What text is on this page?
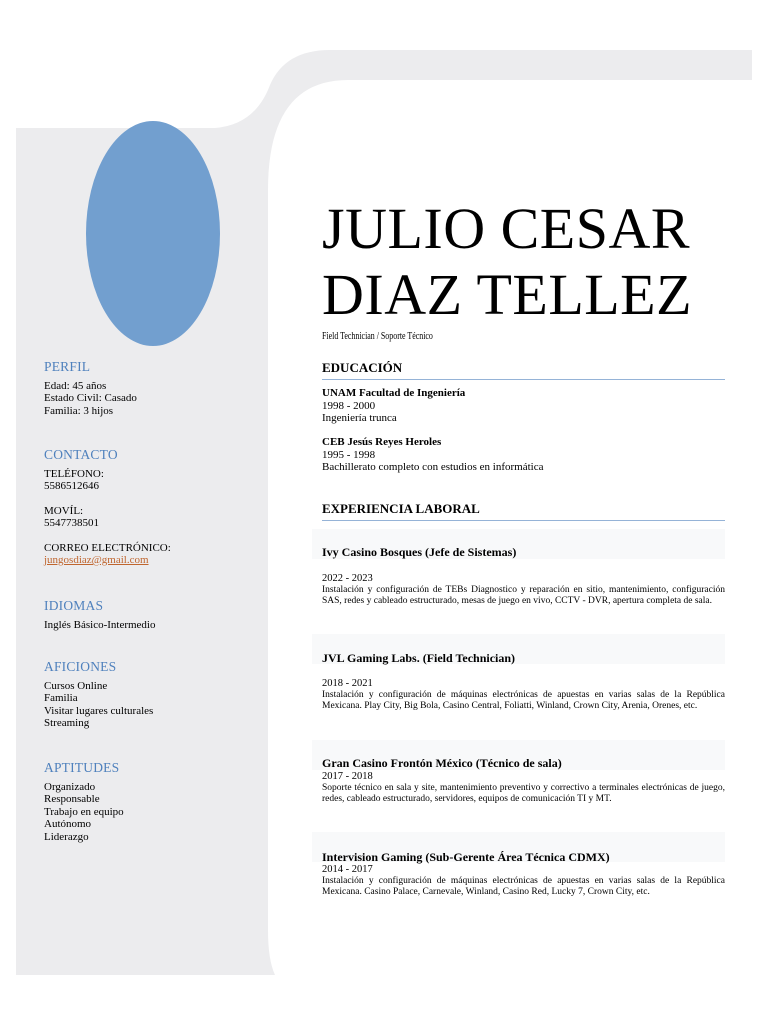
PERFIL
Edad: 45 años
Estado Civil: Casado
Familia: 3 hijos
CONTACTO
TELÉFONO:
5586512646
MOVÍL:
5547738501
CORREO ELECTRÓNICO:
jungosdiaz@gmail.com
IDIOMAS
Inglés Básico-Intermedio
AFICIONES
Cursos Online
Familia
Visitar lugares culturales
Streaming
APTITUDES
Organizado
Responsable
Trabajo en equipo
Autónomo
Liderazgo
JULIO CESAR
DIAZ TELLEZ
Field Technician / Soporte Técnico
EDUCACIÓN
UNAM Facultad de Ingeniería
1998 - 2000
Ingeniería trunca
CEB Jesús Reyes Heroles
1995 - 1998
Bachillerato completo con estudios en informática
EXPERIENCIA LABORAL
Ivy Casino Bosques (Jefe de Sistemas)
2022 - 2023
Instalación y configuración de TEBs Diagnostico y reparación en sitio, mantenimiento, configuración SAS, redes y cableado estructurado, mesas de juego en vivo, CCTV - DVR, apertura completa de sala.
JVL Gaming Labs. (Field Technician)
2018 - 2021
Instalación y configuración de máquinas electrónicas de apuestas en varias salas de la República Mexicana. Play City, Big Bola, Casino Central, Foliatti, Winland, Crown City, Arenia, Orenes, etc.
Gran Casino Frontón México (Técnico de sala)
2017 - 2018
Soporte técnico en sala y site, mantenimiento preventivo y correctivo a terminales electrónicas de juego, redes, cableado estructurado, servidores, equipos de comunicación TI y MT.
Intervision Gaming (Sub-Gerente Área Técnica CDMX)
2014 - 2017
Instalación y configuración de máquinas electrónicas de apuestas en varias salas de la República Mexicana. Casino Palace, Carnevale, Winland, Casino Red, Lucky 7, Crown City, etc.
